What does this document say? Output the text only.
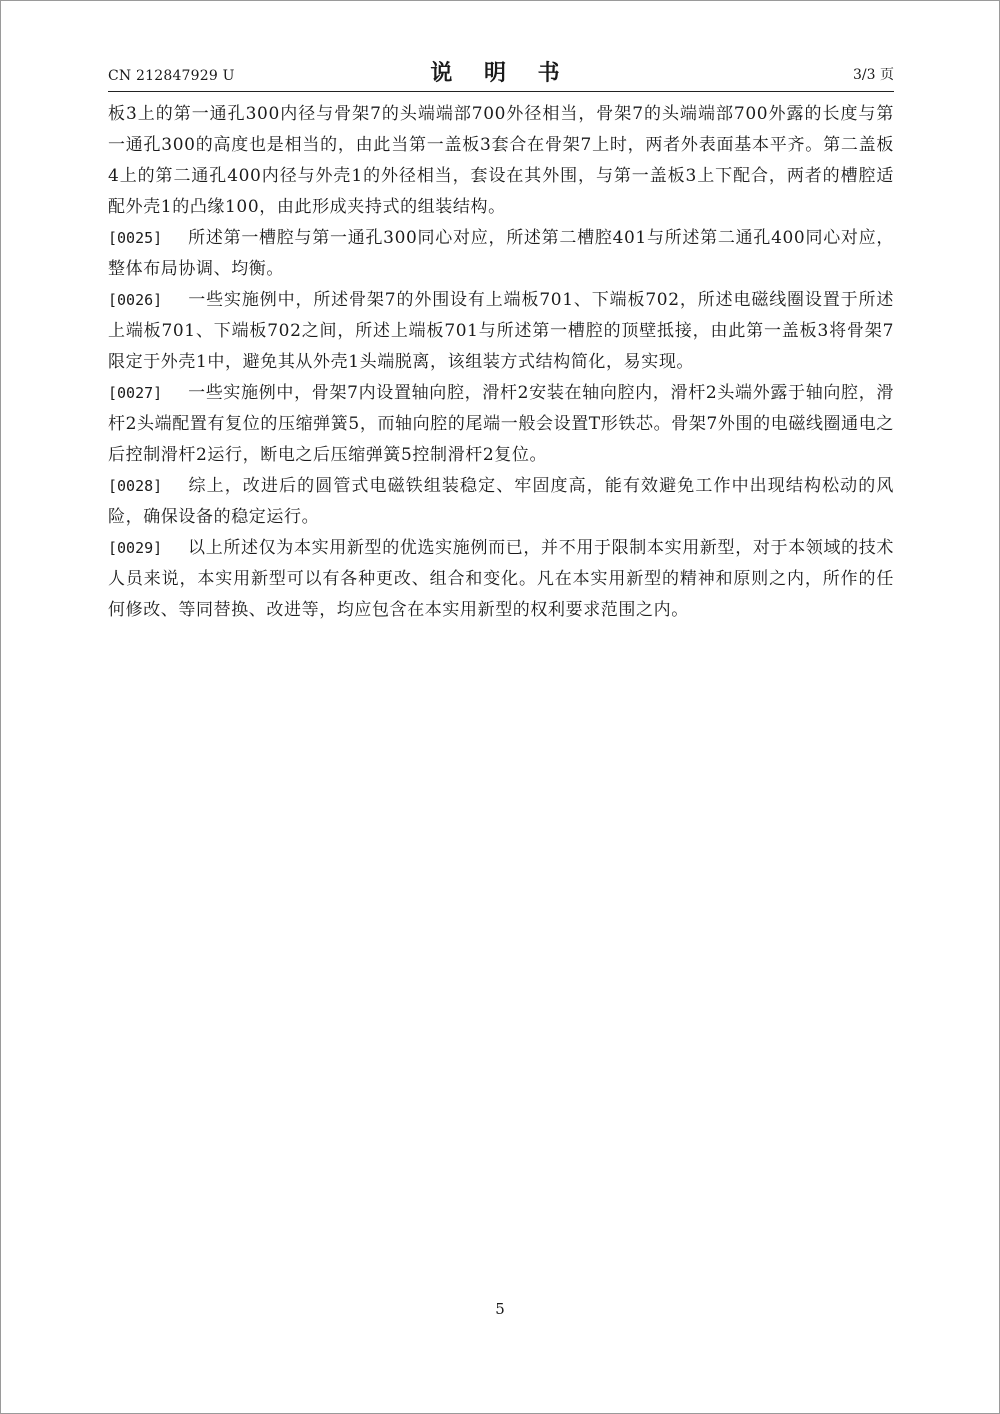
CN 212847929 U	说 明 书	3/3 页

板3上的第一通孔300内径与骨架7的头端端部700外径相当，骨架7的头端端部700外露的长度与第一通孔300的高度也是相当的，由此当第一盖板3套合在骨架7上时，两者外表面基本平齐。第二盖板4上的第二通孔400内径与外壳1的外径相当，套设在其外围，与第一盖板3上下配合，两者的槽腔适配外壳1的凸缘100，由此形成夹持式的组装结构。

[0025] 所述第一槽腔与第一通孔300同心对应，所述第二槽腔401与所述第二通孔400同心对应，整体布局协调、均衡。

[0026] 一些实施例中，所述骨架7的外围设有上端板701、下端板702，所述电磁线圈设置于所述上端板701、下端板702之间，所述上端板701与所述第一槽腔的顶壁抵接，由此第一盖板3将骨架7限定于外壳1中，避免其从外壳1头端脱离，该组装方式结构简化，易实现。

[0027] 一些实施例中，骨架7内设置轴向腔，滑杆2安装在轴向腔内，滑杆2头端外露于轴向腔，滑杆2头端配置有复位的压缩弹簧5，而轴向腔的尾端一般会设置T形铁芯。骨架7外围的电磁线圈通电之后控制滑杆2运行，断电之后压缩弹簧5控制滑杆2复位。

[0028] 综上，改进后的圆管式电磁铁组装稳定、牢固度高，能有效避免工作中出现结构松动的风险，确保设备的稳定运行。

[0029] 以上所述仅为本实用新型的优选实施例而已，并不用于限制本实用新型，对于本领域的技术人员来说，本实用新型可以有各种更改、组合和变化。凡在本实用新型的精神和原则之内，所作的任何修改、等同替换、改进等，均应包含在本实用新型的权利要求范围之内。

5
